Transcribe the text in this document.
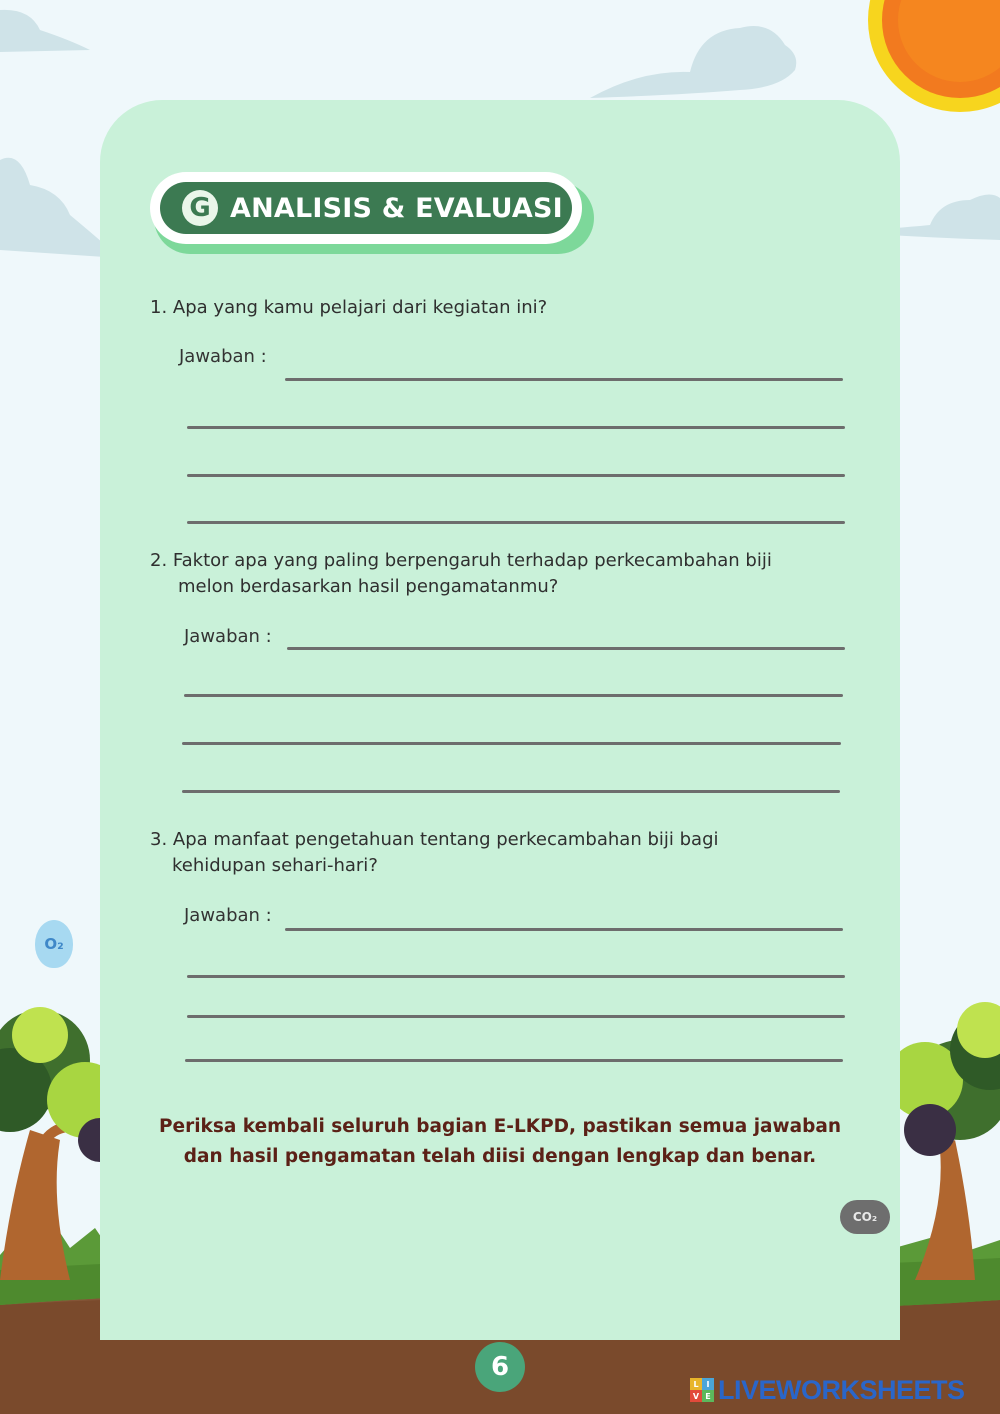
G ANALISIS & EVALUASI
1. Apa yang kamu pelajari dari kegiatan ini?
Jawaban :
2. Faktor apa yang paling berpengaruh terhadap perkecambahan biji
melon berdasarkan hasil pengamatanmu?
Jawaban :
3. Apa manfaat pengetahuan tentang perkecambahan biji bagi
kehidupan sehari-hari?
Jawaban :
Periksa kembali seluruh bagian E-LKPD, pastikan semua jawaban
dan hasil pengamatan telah diisi dengan lengkap dan benar.
O₂
CO₂
6
L I
V E LIVEWORKSHEETS
